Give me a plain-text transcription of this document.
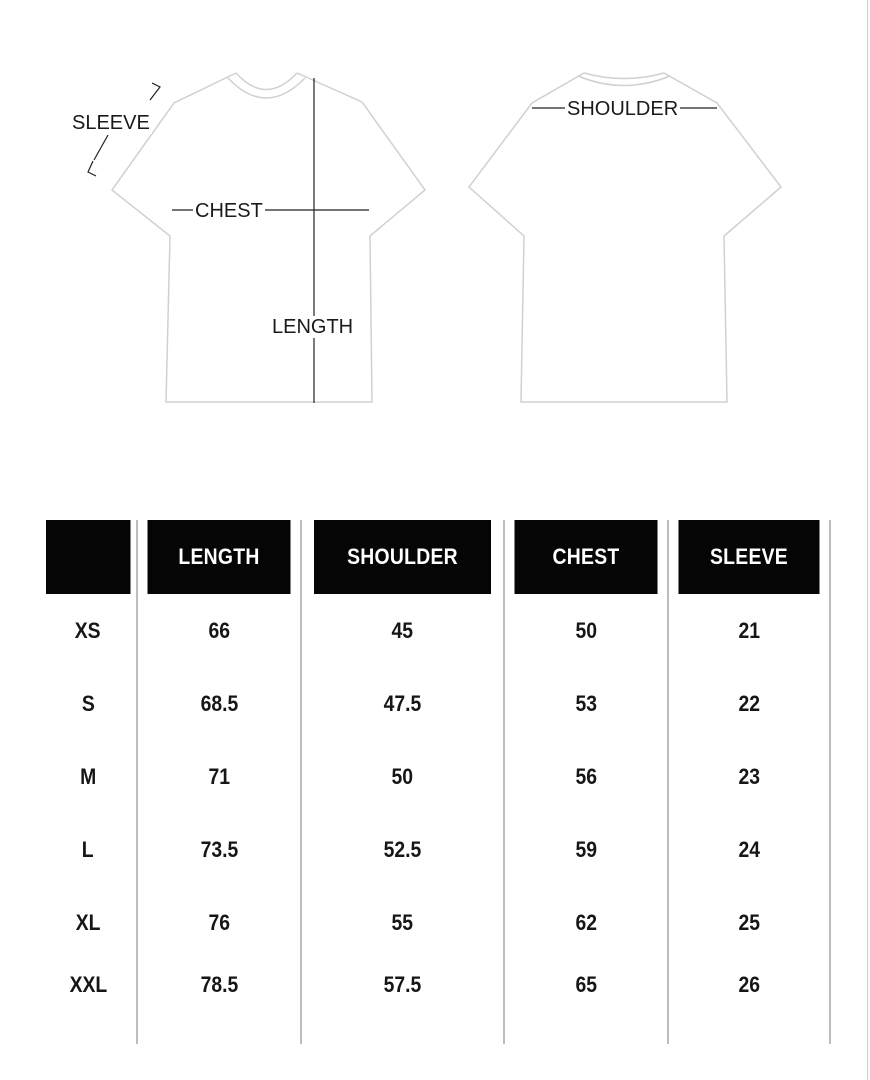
SLEEVE
CHEST
LENGTH
SHOULDER
	LENGTH	SHOULDER	CHEST	SLEEVE
XS	66	45	50	21
S	68.5	47.5	53	22
M	71	50	56	23
L	73.5	52.5	59	24
XL	76	55	62	25
XXL	78.5	57.5	65	26
